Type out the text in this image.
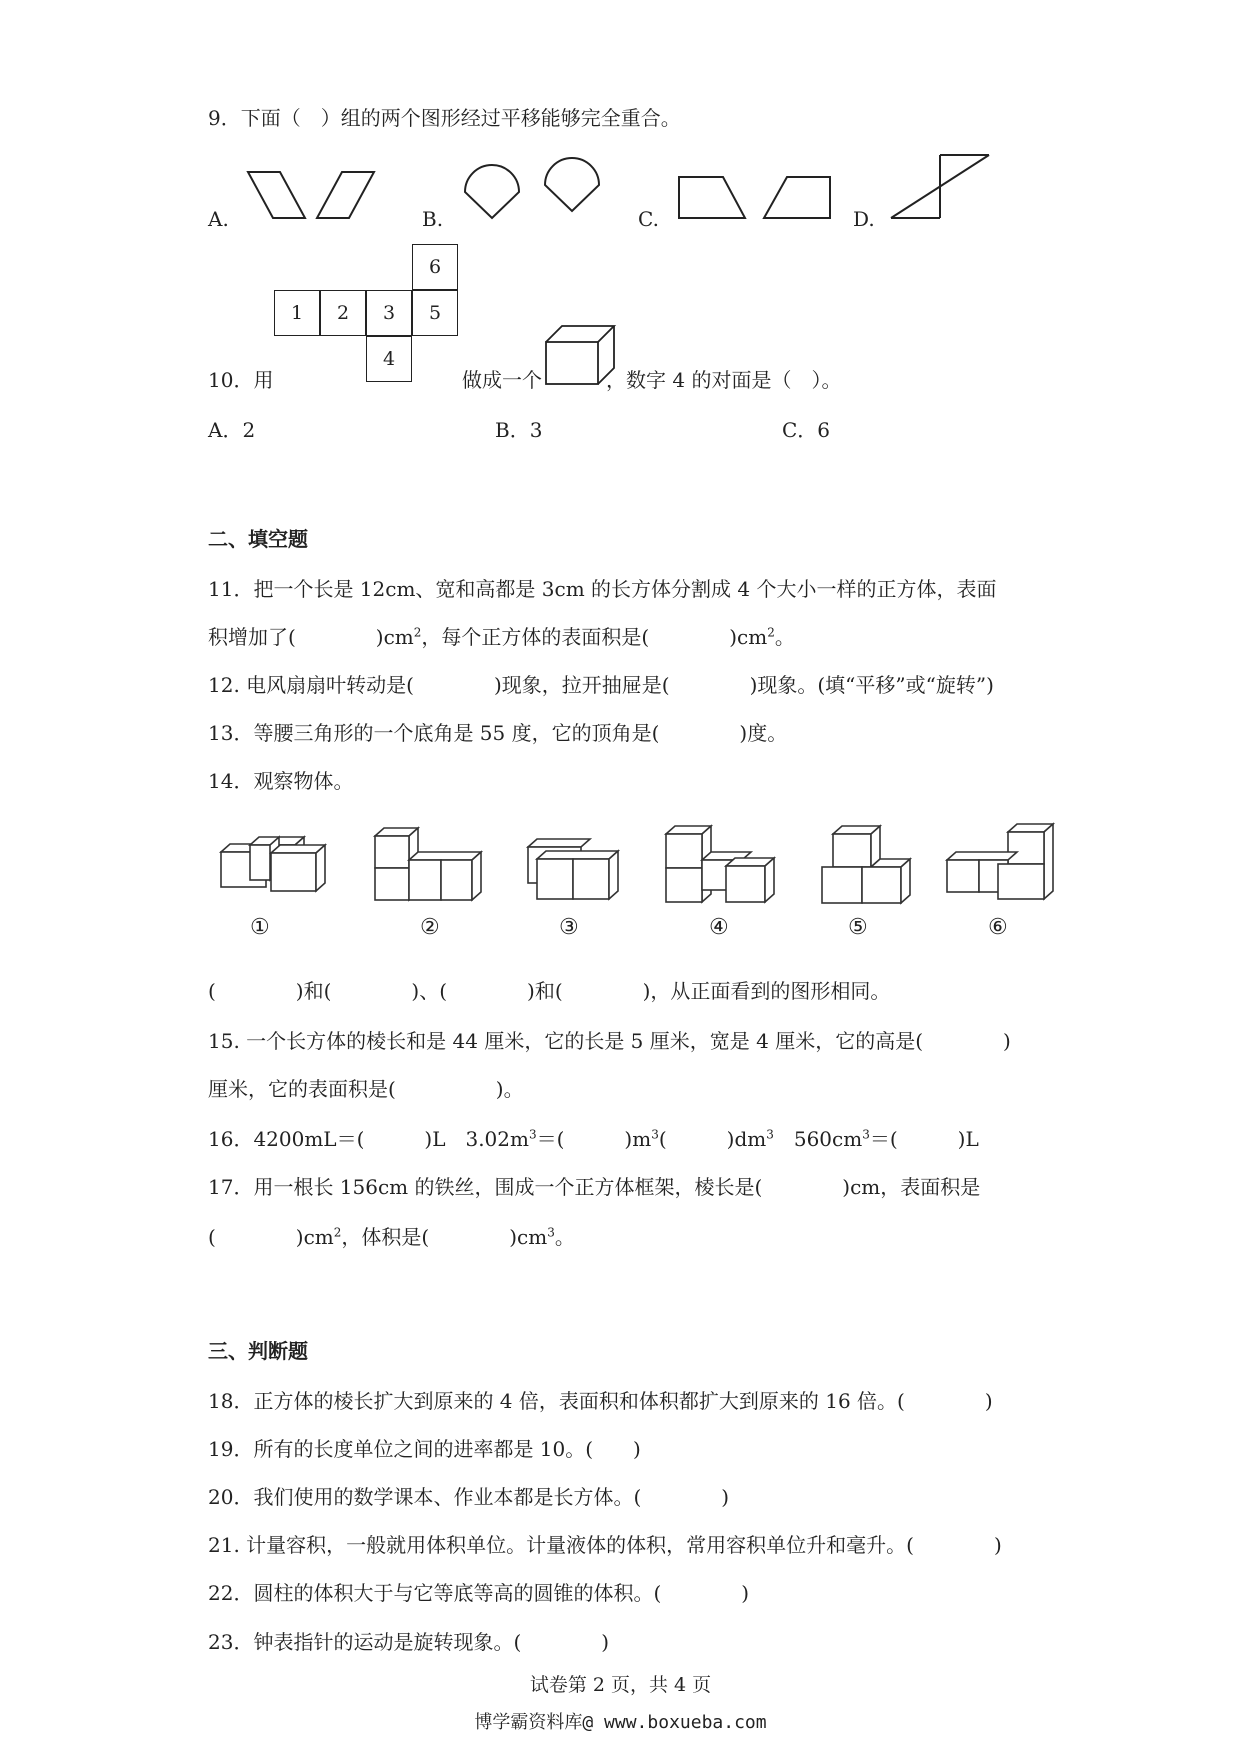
9．下面（　）组的两个图形经过平移能够完全重合。
A.	B.	C.	D.
6
1	2	3	5
4
10．用	做成一个	，数字 4 的对面是（　）。
A．2	B．3	C．6
二、填空题
11．把一个长是 12cm、宽和高都是 3cm 的长方体分割成 4 个大小一样的正方体，表面
积增加了(　　　　)$cm^2$，每个正方体的表面积是(　　　　)$cm^2$。
12. 电风扇扇叶转动是(　　　　)现象，拉开抽屉是(　　　　)现象。(填“平移”或“旋转”)
13．等腰三角形的一个底角是 55 度，它的顶角是(　　　　)度。
14．观察物体。
①	②	③	④	⑤	⑥
(　　　　)和(　　　　)、(　　　　)和(　　　　)，从正面看到的图形相同。
15. 一个长方体的棱长和是 44 厘米，它的长是 5 厘米，宽是 4 厘米，它的高是(　　　　)
厘米，它的表面积是(　　　　　)。
16．4200mL＝(　　　)L　$3.02m^3=$(　　　)$m^3$(　　　)$dm^3$　$560cm^3=$(　　　)L
17．用一根长 156cm 的铁丝，围成一个正方体框架，棱长是(　　　　)cm，表面积是
(　　　　)$cm^2$，体积是(　　　　)$cm^3$。
三、判断题
18．正方体的棱长扩大到原来的 4 倍，表面积和体积都扩大到原来的 16 倍。(　　　　)
19．所有的长度单位之间的进率都是 10。(　　)
20．我们使用的数学课本、作业本都是长方体。(　　　　)
21. 计量容积，一般就用体积单位。计量液体的体积，常用容积单位升和毫升。(　　　　)
22．圆柱的体积大于与它等底等高的圆锥的体积。(　　　　)
23．钟表指针的运动是旋转现象。(　　　　)
试卷第 2 页，共 4 页
博学霸资料库@ www.boxueba.com
